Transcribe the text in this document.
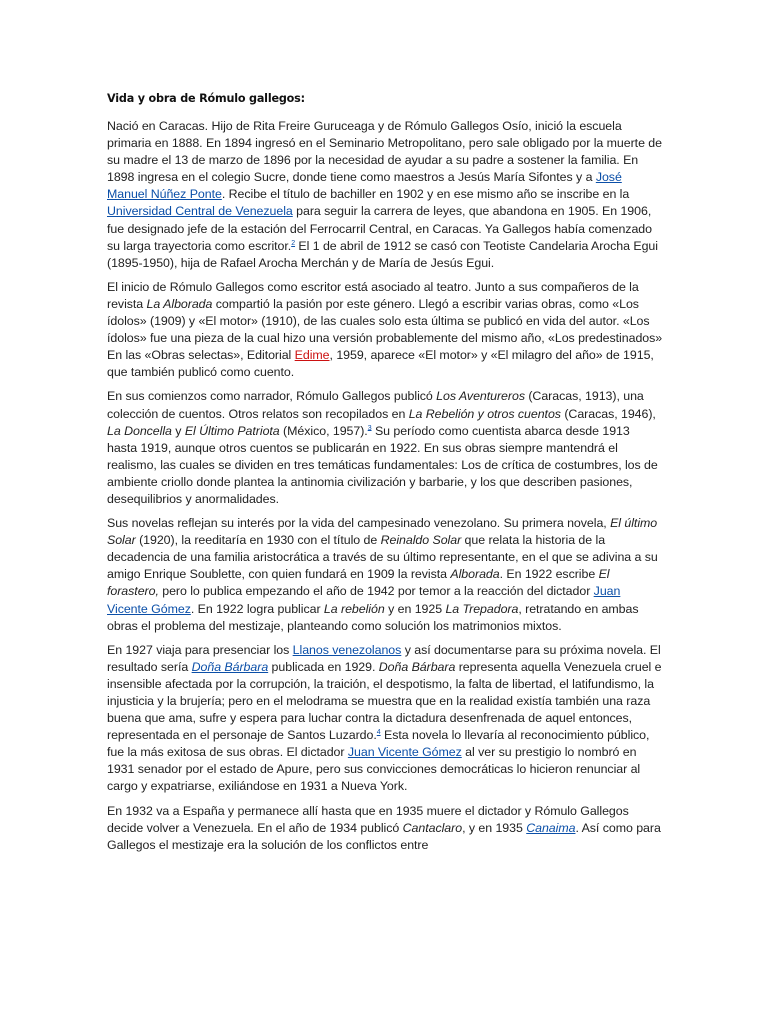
Vida y obra de Rómulo gallegos:

Nació en Caracas. Hijo de Rita Freire Guruceaga y de Rómulo Gallegos Osío, inició la escuela primaria en 1888. En 1894 ingresó en el Seminario Metropolitano, pero sale obligado por la muerte de su madre el 13 de marzo de 1896 por la necesidad de ayudar a su padre a sostener la familia. En 1898 ingresa en el colegio Sucre, donde tiene como maestros a Jesús María Sifontes y a José Manuel Núñez Ponte. Recibe el título de bachiller en 1902 y en ese mismo año se inscribe en la Universidad Central de Venezuela para seguir la carrera de leyes, que abandona en 1905. En 1906, fue designado jefe de la estación del Ferrocarril Central, en Caracas. Ya Gallegos había comenzado su larga trayectoria como escritor.$^2$ El 1 de abril de 1912 se casó con Teotiste Candelaria Arocha Egui (1895-1950), hija de Rafael Arocha Merchán y de María de Jesús Egui.

El inicio de Rómulo Gallegos como escritor está asociado al teatro. Junto a sus compañeros de la revista La Alborada compartió la pasión por este género. Llegó a escribir varias obras, como «Los ídolos» (1909) y «El motor» (1910), de las cuales solo esta última se publicó en vida del autor. «Los ídolos» fue una pieza de la cual hizo una versión probablemente del mismo año, «Los predestinados» En las «Obras selectas», Editorial Edime, 1959, aparece «El motor» y «El milagro del año» de 1915, que también publicó como cuento.

En sus comienzos como narrador, Rómulo Gallegos publicó Los Aventureros (Caracas, 1913), una colección de cuentos. Otros relatos son recopilados en La Rebelión y otros cuentos (Caracas, 1946), La Doncella y El Último Patriota (México, 1957).$^3$ Su período como cuentista abarca desde 1913 hasta 1919, aunque otros cuentos se publicarán en 1922. En sus obras siempre mantendrá el realismo, las cuales se dividen en tres temáticas fundamentales: Los de crítica de costumbres, los de ambiente criollo donde plantea la antinomia civilización y barbarie, y los que describen pasiones, desequilibrios y anormalidades.

Sus novelas reflejan su interés por la vida del campesinado venezolano. Su primera novela, El último Solar (1920), la reeditaría en 1930 con el título de Reinaldo Solar que relata la historia de la decadencia de una familia aristocrática a través de su último representante, en el que se adivina a su amigo Enrique Soublette, con quien fundará en 1909 la revista Alborada. En 1922 escribe El forastero, pero lo publica empezando el año de 1942 por temor a la reacción del dictador Juan Vicente Gómez. En 1922 logra publicar La rebelión y en 1925 La Trepadora, retratando en ambas obras el problema del mestizaje, planteando como solución los matrimonios mixtos.

En 1927 viaja para presenciar los Llanos venezolanos y así documentarse para su próxima novela. El resultado sería Doña Bárbara publicada en 1929. Doña Bárbara representa aquella Venezuela cruel e insensible afectada por la corrupción, la traición, el despotismo, la falta de libertad, el latifundismo, la injusticia y la brujería; pero en el melodrama se muestra que en la realidad existía también una raza buena que ama, sufre y espera para luchar contra la dictadura desenfrenada de aquel entonces, representada en el personaje de Santos Luzardo.$^4$ Esta novela lo llevaría al reconocimiento público, fue la más exitosa de sus obras. El dictador Juan Vicente Gómez al ver su prestigio lo nombró en 1931 senador por el estado de Apure, pero sus convicciones democráticas lo hicieron renunciar al cargo y expatriarse, exiliándose en 1931 a Nueva York.

En 1932 va a España y permanece allí hasta que en 1935 muere el dictador y Rómulo Gallegos decide volver a Venezuela. En el año de 1934 publicó Cantaclaro, y en 1935 Canaima. Así como para Gallegos el mestizaje era la solución de los conflictos entre
